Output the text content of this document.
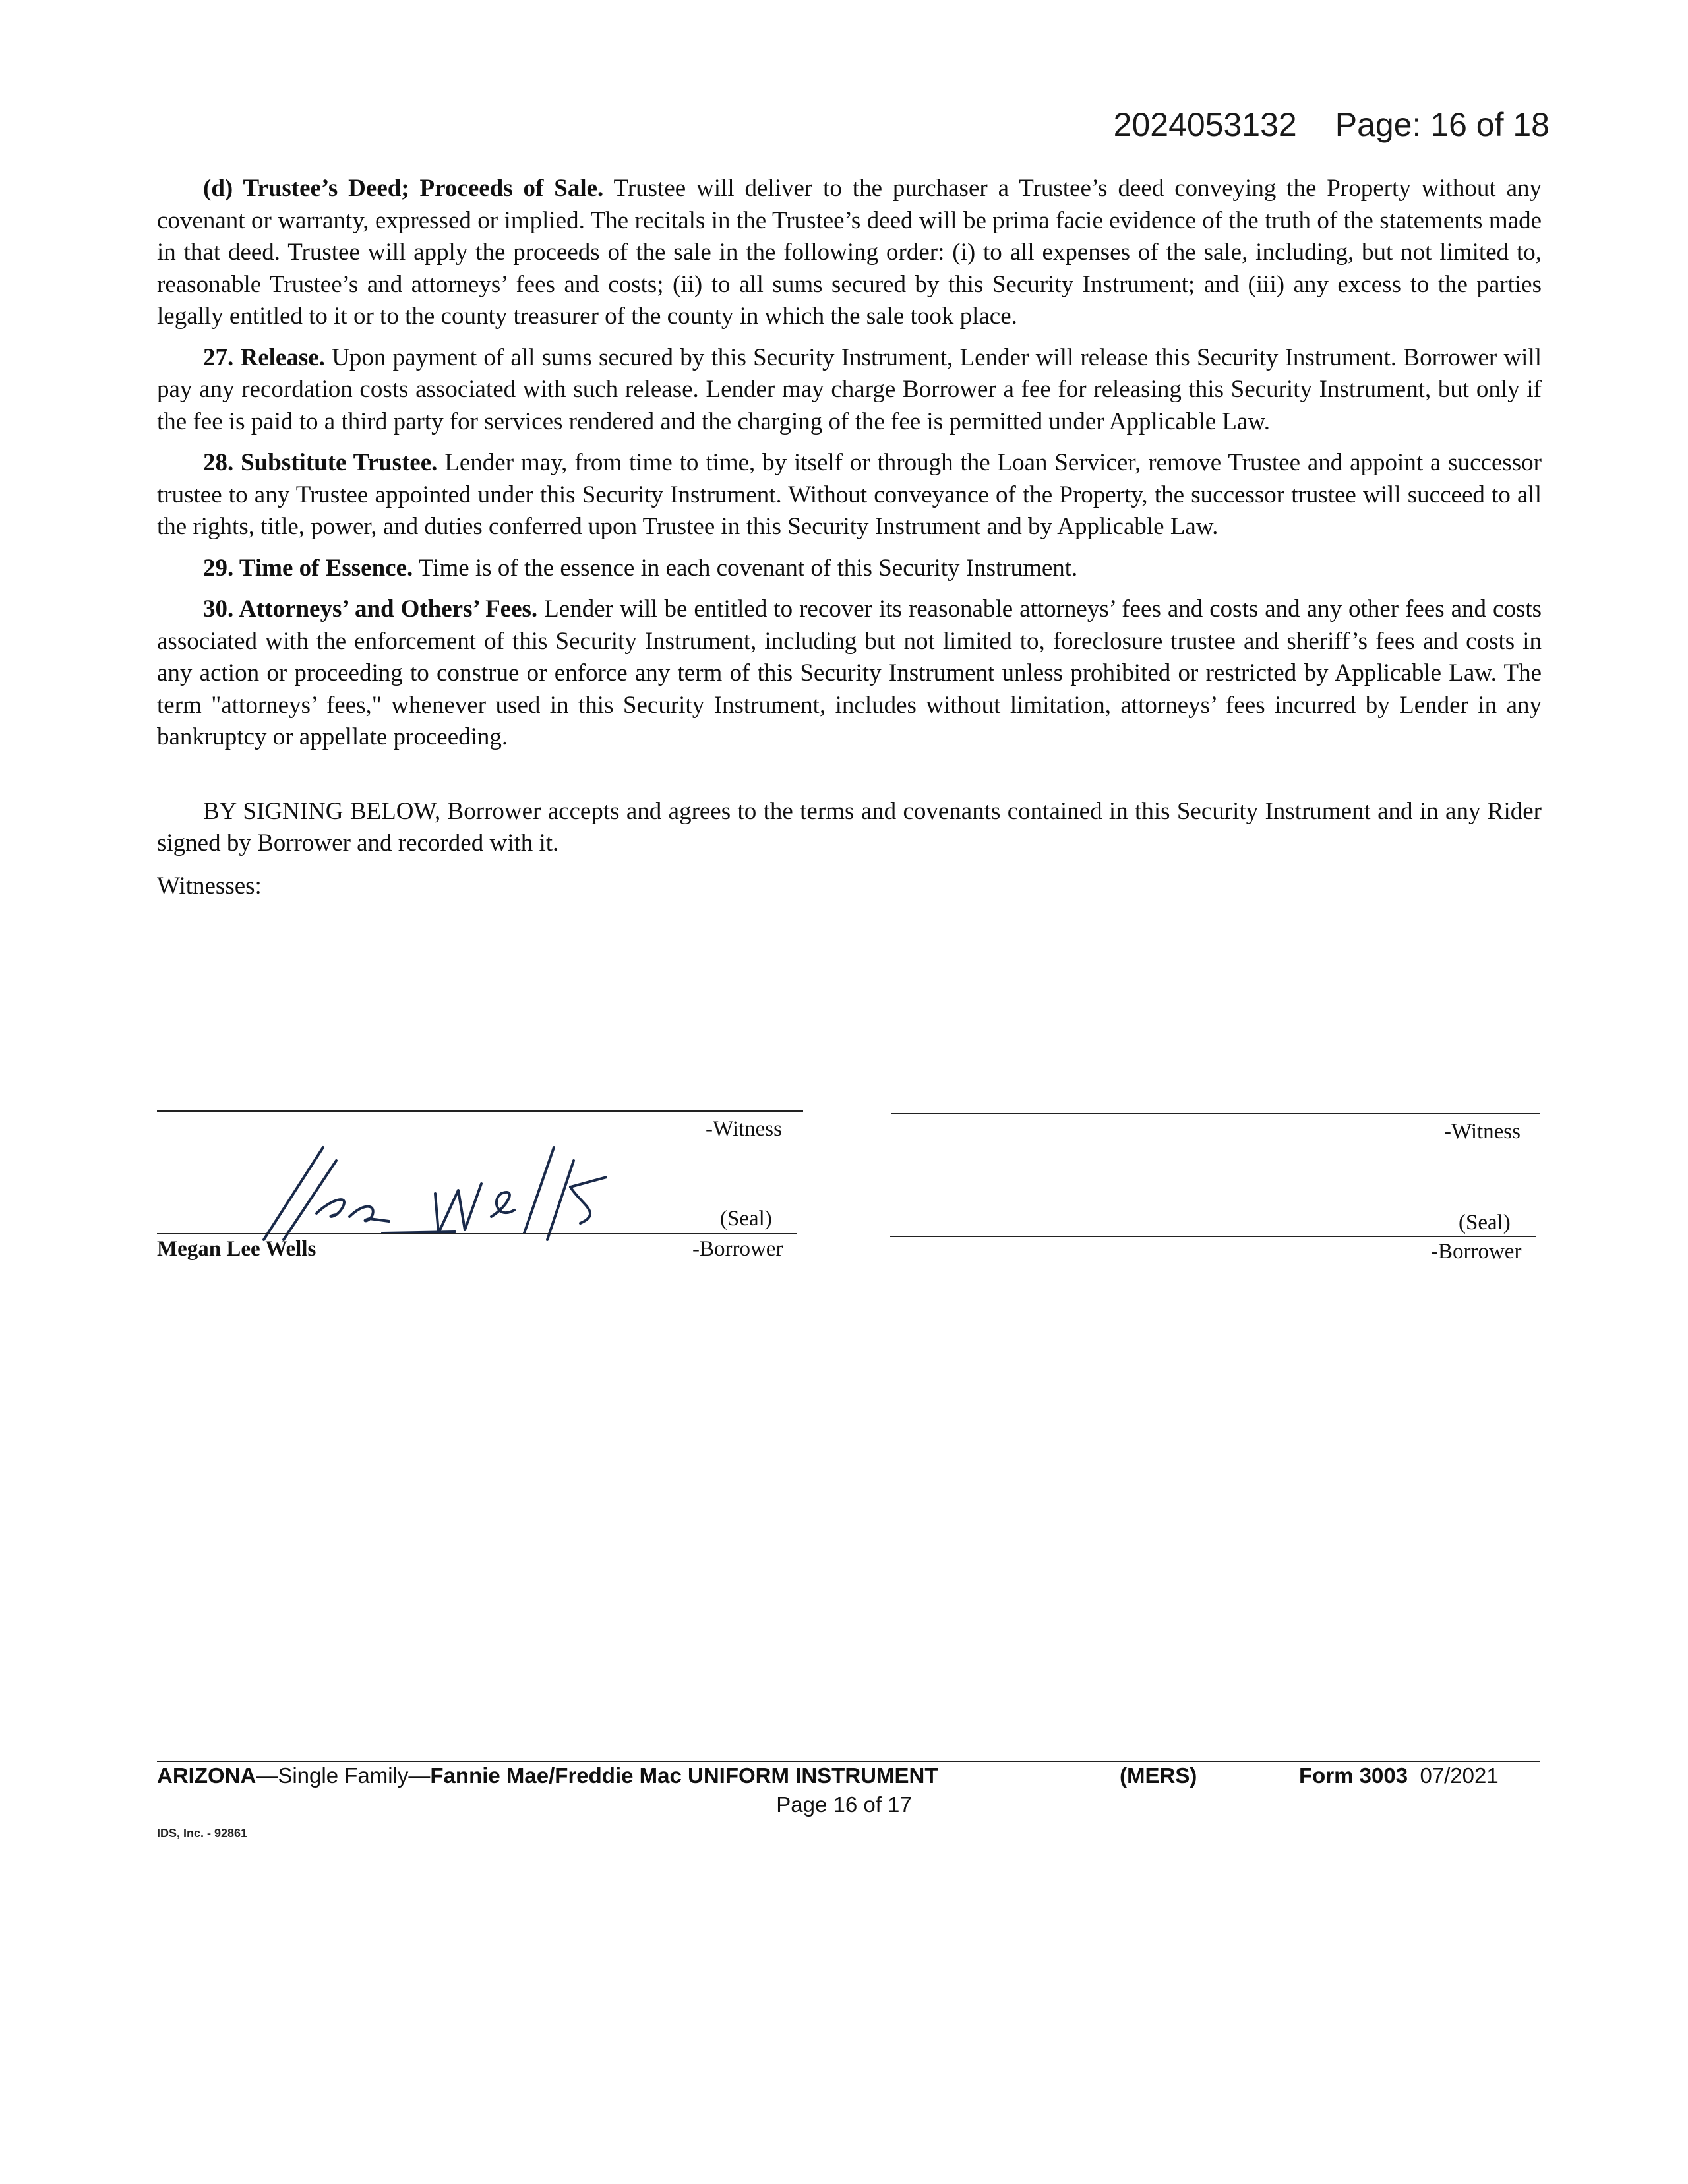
2024053132 Page: 16 of 18

(d) Trustee’s Deed; Proceeds of Sale. Trustee will deliver to the purchaser a Trustee’s deed conveying the Property without any covenant or warranty, expressed or implied. The recitals in the Trustee’s deed will be prima facie evidence of the truth of the statements made in that deed. Trustee will apply the proceeds of the sale in the following order: (i) to all expenses of the sale, including, but not limited to, reasonable Trustee’s and attorneys’ fees and costs; (ii) to all sums secured by this Security Instrument; and (iii) any excess to the parties legally entitled to it or to the county treasurer of the county in which the sale took place.

27. Release. Upon payment of all sums secured by this Security Instrument, Lender will release this Security Instrument. Borrower will pay any recordation costs associated with such release. Lender may charge Borrower a fee for releasing this Security Instrument, but only if the fee is paid to a third party for services rendered and the charging of the fee is permitted under Applicable Law.

28. Substitute Trustee. Lender may, from time to time, by itself or through the Loan Servicer, remove Trustee and appoint a successor trustee to any Trustee appointed under this Security Instrument. Without conveyance of the Property, the successor trustee will succeed to all the rights, title, power, and duties conferred upon Trustee in this Security Instrument and by Applicable Law.

29. Time of Essence. Time is of the essence in each covenant of this Security Instrument.

30. Attorneys’ and Others’ Fees. Lender will be entitled to recover its reasonable attorneys’ fees and costs and any other fees and costs associated with the enforcement of this Security Instrument, including but not limited to, foreclosure trustee and sheriff’s fees and costs in any action or proceeding to construe or enforce any term of this Security Instrument unless prohibited or restricted by Applicable Law. The term "attorneys’ fees," whenever used in this Security Instrument, includes without limitation, attorneys’ fees incurred by Lender in any bankruptcy or appellate proceeding.

BY SIGNING BELOW, Borrower accepts and agrees to the terms and covenants contained in this Security Instrument and in any Rider signed by Borrower and recorded with it.

Witnesses:

-Witness	-Witness
(Seal)
Megan Lee Wells	-Borrower
(Seal)
-Borrower
ARIZONA—Single Family—Fannie Mae/Freddie Mac UNIFORM INSTRUMENT	(MERS)	Form 3003 07/2021
Page 16 of 17
IDS, Inc. - 92861
